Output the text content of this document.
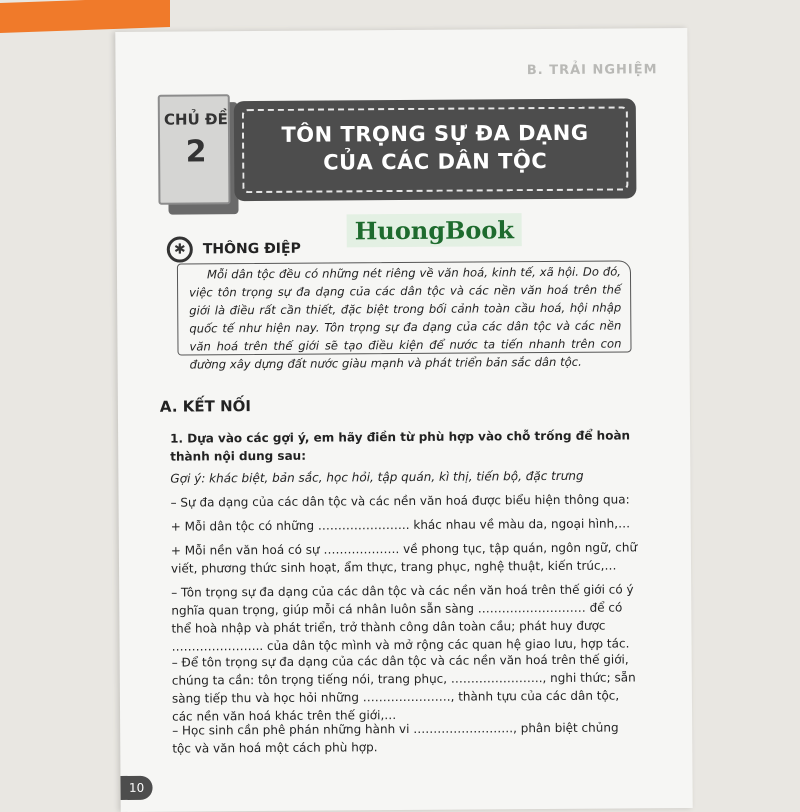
B. TRẢI NGHIỆM
CHỦ ĐỀ
2
TÔN TRỌNG SỰ ĐA DẠNG
CỦA CÁC DÂN TỘC
HuongBook
✱	THÔNG ĐIỆP
Mỗi dân tộc đều có những nét riêng về văn hoá, kinh tế, xã hội. Do đó, việc tôn trọng sự đa dạng của các dân tộc và các nền văn hoá trên thế giới là điều rất cần thiết, đặc biệt trong bối cảnh toàn cầu hoá, hội nhập quốc tế như hiện nay. Tôn trọng sự đa dạng của các dân tộc và các nền văn hoá trên thế giới sẽ tạo điều kiện để nước ta tiến nhanh trên con đường xây dựng đất nước giàu mạnh và phát triển bản sắc dân tộc.
A. KẾT NỐI
1. Dựa vào các gợi ý, em hãy điền từ phù hợp vào chỗ trống để hoàn thành nội dung sau:
Gợi ý: khác biệt, bản sắc, học hỏi, tập quán, kì thị, tiến bộ, đặc trưng
– Sự đa dạng của các dân tộc và các nền văn hoá được biểu hiện thông qua:
+ Mỗi dân tộc có những ………………….. khác nhau về màu da, ngoại hình,…
+ Mỗi nền văn hoá có sự ………………. về phong tục, tập quán, ngôn ngữ, chữ viết, phương thức sinh hoạt, ẩm thực, trang phục, nghệ thuật, kiến trúc,…
– Tôn trọng sự đa dạng của các dân tộc và các nền văn hoá trên thế giới có ý nghĩa quan trọng, giúp mỗi cá nhân luôn sẵn sàng ……………………… để có thể hoà nhập và phát triển, trở thành công dân toàn cầu; phát huy được ………………….. của dân tộc mình và mở rộng các quan hệ giao lưu, hợp tác.
– Để tôn trọng sự đa dạng của các dân tộc và các nền văn hoá trên thế giới, chúng ta cần: tôn trọng tiếng nói, trang phục, ………………….., nghi thức; sẵn sàng tiếp thu và học hỏi những …………………., thành tựu của các dân tộc, các nền văn hoá khác trên thế giới,…
– Học sinh cần phê phán những hành vi ……………………., phân biệt chủng tộc và văn hoá một cách phù hợp.
10
